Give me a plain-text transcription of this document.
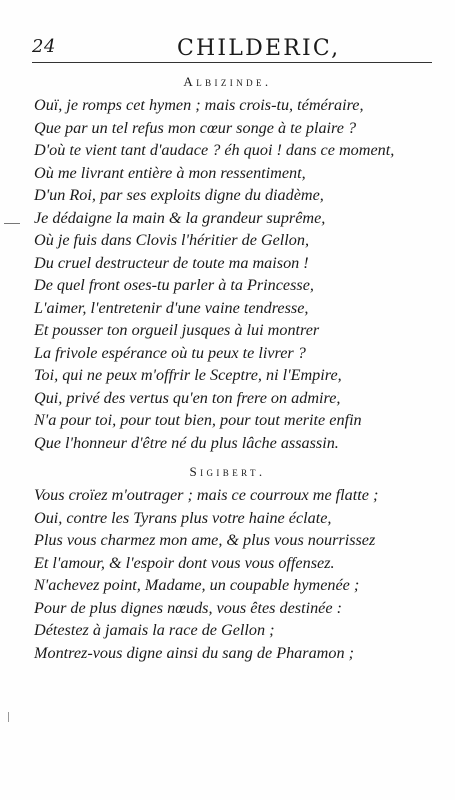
24	CHILDERIC,
Albizinde.
Ouï, je romps cet hymen ; mais crois-tu, téméraire,
Que par un tel refus mon cœur songe à te plaire ?
D'où te vient tant d'audace ? éh quoi ! dans ce moment,
Où me livrant entière à mon ressentiment,
D'un Roi, par ses exploits digne du diadème,
Je dédaigne la main & la grandeur suprême,
Où je fuis dans Clovis l'héritier de Gellon,
Du cruel destructeur de toute ma maison !
De quel front oses-tu parler à ta Princesse,
L'aimer, l'entretenir d'une vaine tendresse,
Et pousser ton orgueil jusques à lui montrer
La frivole espérance où tu peux te livrer ?
Toi, qui ne peux m'offrir le Sceptre, ni l'Empire,
Qui, privé des vertus qu'en ton frere on admire,
N'a pour toi, pour tout bien, pour tout merite enfin
Que l'honneur d'être né du plus lâche assassin.
Sigibert.
Vous croïez m'outrager ; mais ce courroux me flatte ;
Oui, contre les Tyrans plus votre haine éclate,
Plus vous charmez mon ame, & plus vous nourrissez
Et l'amour, & l'espoir dont vous vous offensez.
N'achevez point, Madame, un coupable hymenée ;
Pour de plus dignes nœuds, vous êtes destinée :
Détestez à jamais la race de Gellon ;
Montrez-vous digne ainsi du sang de Pharamon ;
